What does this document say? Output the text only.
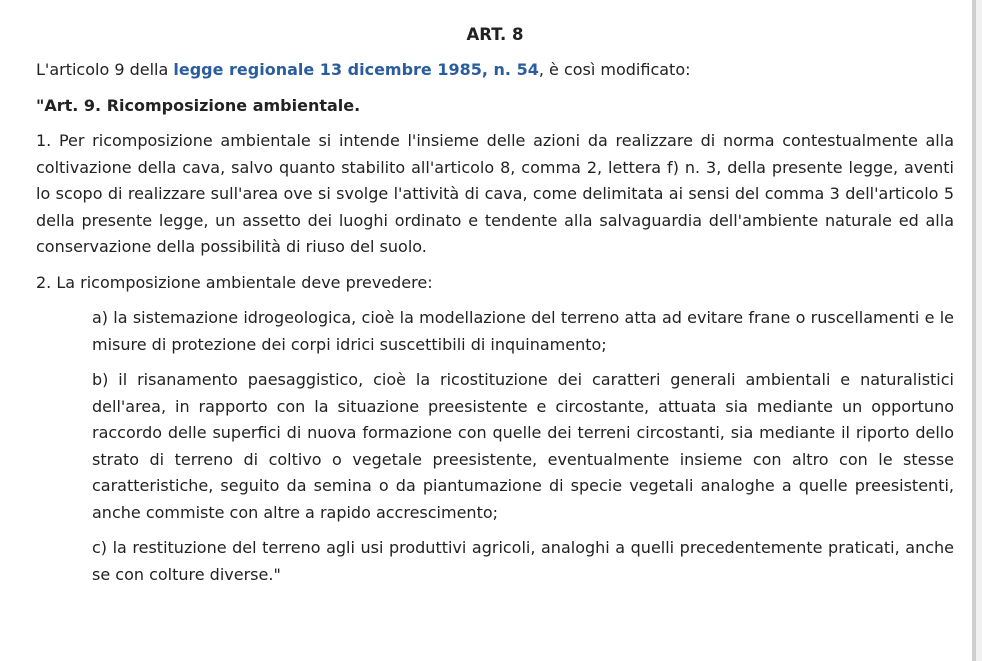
ART. 8
L'articolo 9 della legge regionale 13 dicembre 1985, n. 54, è così modificato:
"Art. 9. Ricomposizione ambientale.
1. Per ricomposizione ambientale si intende l'insieme delle azioni da realizzare di norma contestualmente alla coltivazione della cava, salvo quanto stabilito all'articolo 8, comma 2, lettera f) n. 3, della presente legge, aventi lo scopo di realizzare sull'area ove si svolge l'attività di cava, come delimitata ai sensi del comma 3 dell'articolo 5 della presente legge, un assetto dei luoghi ordinato e tendente alla salvaguardia dell'ambiente naturale ed alla conservazione della possibilità di riuso del suolo.
2. La ricomposizione ambientale deve prevedere:
a) la sistemazione idrogeologica, cioè la modellazione del terreno atta ad evitare frane o ruscellamenti e le misure di protezione dei corpi idrici suscettibili di inquinamento;
b) il risanamento paesaggistico, cioè la ricostituzione dei caratteri generali ambientali e naturalistici dell'area, in rapporto con la situazione preesistente e circostante, attuata sia mediante un opportuno raccordo delle superfici di nuova formazione con quelle dei terreni circostanti, sia mediante il riporto dello strato di terreno di coltivo o vegetale preesistente, eventualmente insieme con altro con le stesse caratteristiche, seguito da semina o da piantumazione di specie vegetali analoghe a quelle preesistenti, anche commiste con altre a rapido accrescimento;
c) la restituzione del terreno agli usi produttivi agricoli, analoghi a quelli precedentemente praticati, anche se con colture diverse."
